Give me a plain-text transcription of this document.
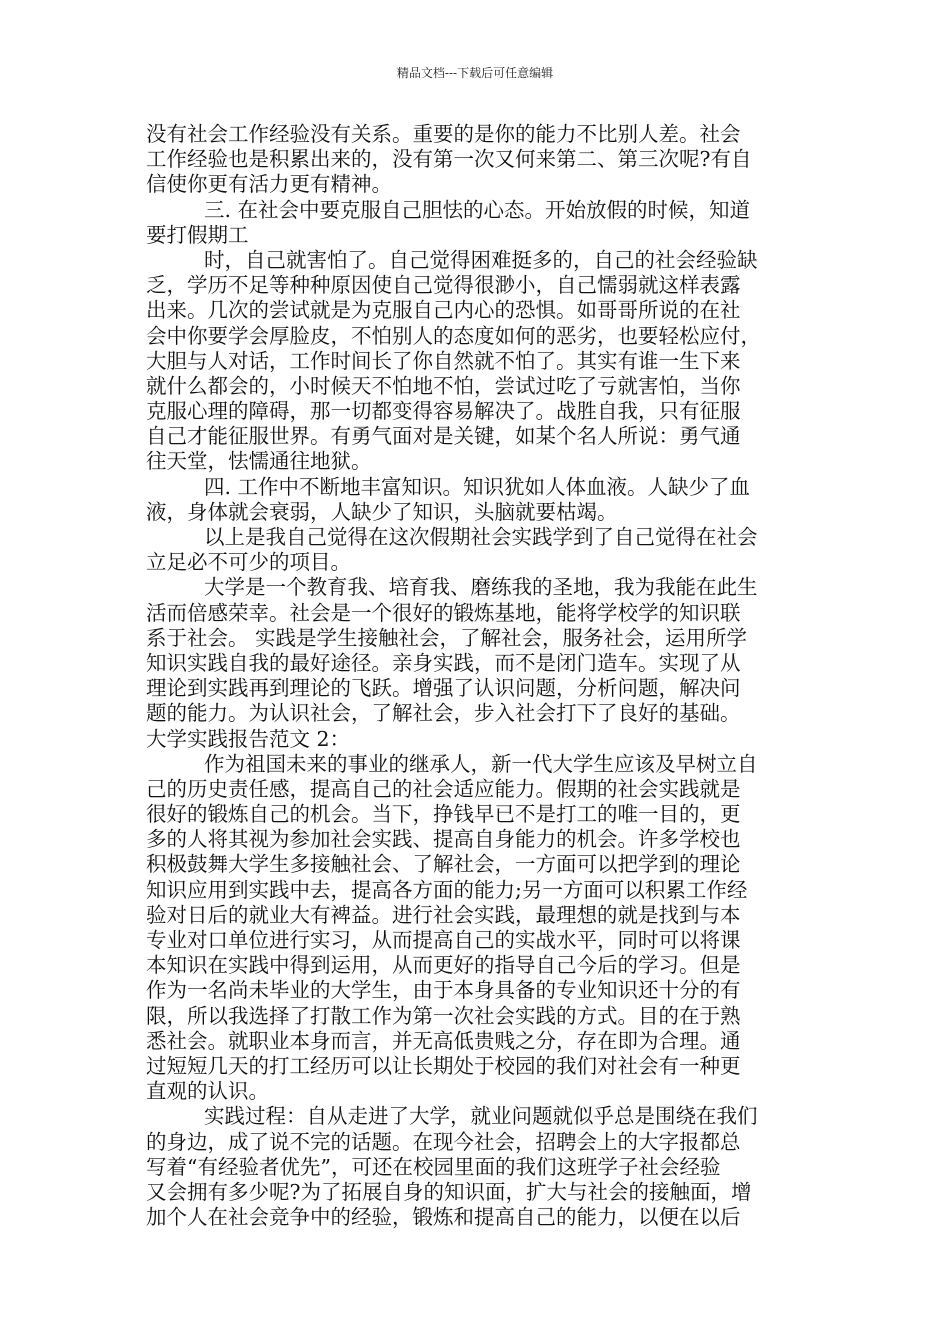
精品文档---下载后可任意编辑
没有社会工作经验没有关系。重要的是你的能力不比别人差。社会
工作经验也是积累出来的，没有第一次又何来第二、第三次呢?有自
信使你更有活力更有精神。
三. 在社会中要克服自己胆怯的心态。开始放假的时候，知道
要打假期工
时，自己就害怕了。自己觉得困难挺多的，自己的社会经验缺
乏，学历不足等种种原因使自己觉得很渺小，自己懦弱就这样表露
出来。几次的尝试就是为克服自己内心的恐惧。如哥哥所说的在社
会中你要学会厚脸皮，不怕别人的态度如何的恶劣，也要轻松应付，
大胆与人对话，工作时间长了你自然就不怕了。其实有谁一生下来
就什么都会的，小时候天不怕地不怕，尝试过吃了亏就害怕，当你
克服心理的障碍，那一切都变得容易解决了。战胜自我，只有征服
自己才能征服世界。有勇气面对是关键，如某个名人所说：勇气通
往天堂，怯懦通往地狱。
四. 工作中不断地丰富知识。知识犹如人体血液。人缺少了血
液，身体就会衰弱，人缺少了知识，头脑就要枯竭。
以上是我自己觉得在这次假期社会实践学到了自己觉得在社会
立足必不可少的项目。
大学是一个教育我、培育我、磨练我的圣地，我为我能在此生
活而倍感荣幸。社会是一个很好的锻炼基地，能将学校学的知识联
系于社会。 实践是学生接触社会，了解社会，服务社会，运用所学
知识实践自我的最好途径。亲身实践，而不是闭门造车。实现了从
理论到实践再到理论的飞跃。增强了认识问题，分析问题，解决问
题的能力。为认识社会，了解社会，步入社会打下了良好的基础。
大学实践报告范文 2：
作为祖国未来的事业的继承人，新一代大学生应该及早树立自
己的历史责任感，提高自己的社会适应能力。假期的社会实践就是
很好的锻炼自己的机会。当下，挣钱早已不是打工的唯一目的，更
多的人将其视为参加社会实践、提高自身能力的机会。许多学校也
积极鼓舞大学生多接触社会、了解社会，一方面可以把学到的理论
知识应用到实践中去，提高各方面的能力;另一方面可以积累工作经
验对日后的就业大有裨益。进行社会实践，最理想的就是找到与本
专业对口单位进行实习，从而提高自己的实战水平，同时可以将课
本知识在实践中得到运用，从而更好的指导自己今后的学习。但是
作为一名尚未毕业的大学生，由于本身具备的专业知识还十分的有
限，所以我选择了打散工作为第一次社会实践的方式。目的在于熟
悉社会。就职业本身而言，并无高低贵贱之分，存在即为合理。通
过短短几天的打工经历可以让长期处于校园的我们对社会有一种更
直观的认识。
实践过程：自从走进了大学，就业问题就似乎总是围绕在我们
的身边，成了说不完的话题。在现今社会，招聘会上的大字报都总
写着“有经验者优先”，可还在校园里面的我们这班学子社会经验
又会拥有多少呢?为了拓展自身的知识面，扩大与社会的接触面，增
加个人在社会竞争中的经验，锻炼和提高自己的能力，以便在以后
